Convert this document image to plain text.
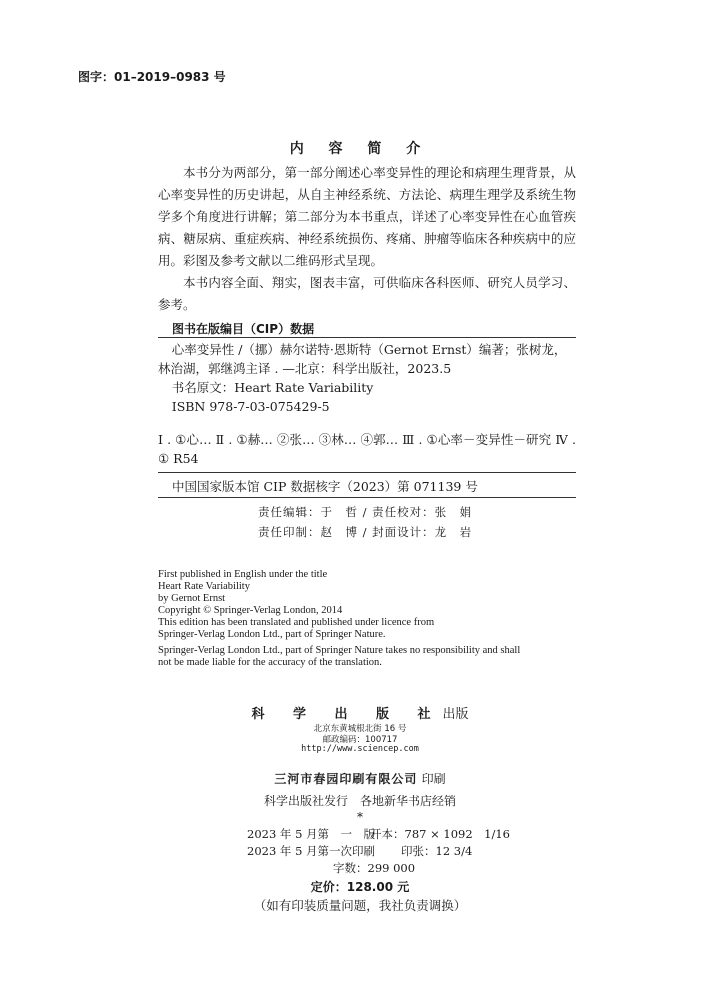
图字：01–2019–0983 号
内 容 简 介

本书分为两部分，第一部分阐述心率变异性的理论和病理生理背景，从心率变异性的历史讲起，从自主神经系统、方法论、病理生理学及系统生物学多个角度进行讲解；第二部分为本书重点，详述了心率变异性在心血管疾病、糖尿病、重症疾病、神经系统损伤、疼痛、肿瘤等临床各种疾病中的应用。彩图及参考文献以二维码形式呈现。

本书内容全面、翔实，图表丰富，可供临床各科医师、研究人员学习、参考。

图书在版编目（CIP）数据
心率变异性 /（挪）赫尔诺特·恩斯特（Gernot Ernst）编著；张树龙，
林治湖，郭继鸿主译 . —北京：科学出版社，2023.5
书名原文：Heart Rate Variability
ISBN 978-7-03-075429-5
Ⅰ . ①心… Ⅱ . ①赫… ②张… ③林… ④郭… Ⅲ . ①心率－变异性－研究 Ⅳ . ① R54
中国国家版本馆 CIP 数据核字（2023）第 071139 号
责任编辑：于　哲 / 责任校对：张　娟
责任印制：赵　博 / 封面设计：龙　岩
First published in English under the title
Heart Rate Variability
by Gernot Ernst
Copyright © Springer-Verlag London, 2014
This edition has been translated and published under licence from
Springer-Verlag London Ltd., part of Springer Nature.
Springer-Verlag London Ltd., part of Springer Nature takes no responsibility and shall
not be made liable for the accuracy of the translation.
科 学 出 版 社出版
北京东黄城根北街 16 号
邮政编码：100717
http://www.sciencep.com
三河市春园印刷有限公司 印刷
科学出版社发行　各地新华书店经销
*
2023 年 5 月第　一　版
开本：787 × 1092　1/16
2023 年 5 月第一次印刷 印张：12 3/4
字数：299 000
定价：128.00 元
（如有印装质量问题，我社负责调换）
